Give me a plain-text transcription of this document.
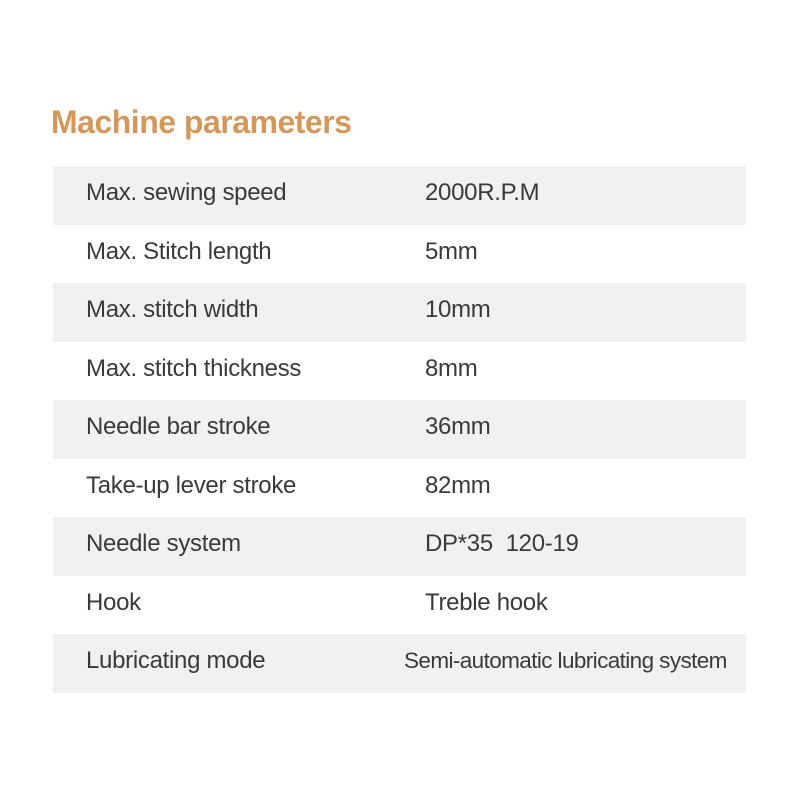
Machine parameters
Max. sewing speed	2000R.P.M
Max. Stitch length	5mm
Max. stitch width	10mm
Max. stitch thickness	8mm
Needle bar stroke	36mm
Take-up lever stroke	82mm
Needle system	DP*35  120-19
Hook	Treble hook
Lubricating mode	Semi-automatic lubricating system
